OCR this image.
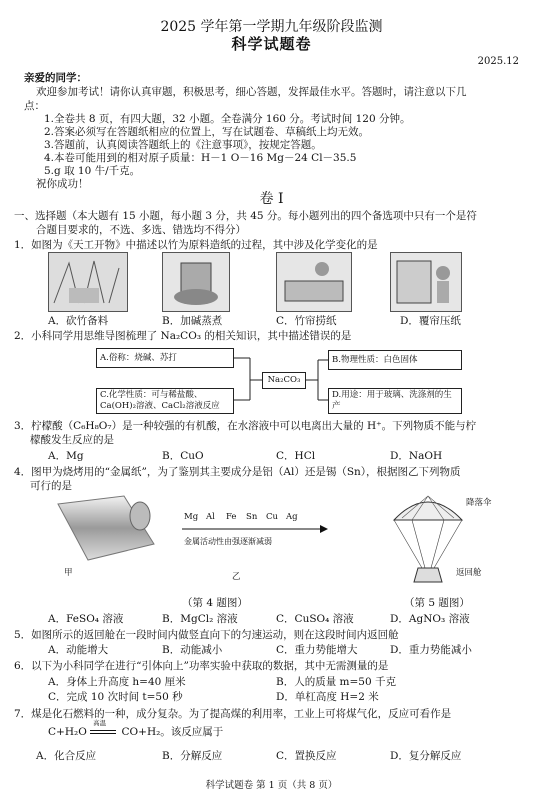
2025 学年第一学期九年级阶段监测
科学试题卷
2025.12
亲爱的同学：
欢迎参加考试！请你认真审题，积极思考，细心答题，发挥最佳水平。答题时，请注意以下几
点：
1.全卷共 8 页，有四大题，32 小题。全卷满分 160 分。考试时间 120 分钟。
2.答案必须写在答题纸相应的位置上，写在试题卷、草稿纸上均无效。
3.答题前，认真阅读答题纸上的《注意事项》，按规定答题。
4.本卷可能用到的相对原子质量：H－1 O－16 Mg－24 Cl－35.5
5.g 取 10 牛/千克。
祝你成功！
卷 Ⅰ
一、选择题（本大题有 15 小题，每小题 3 分，共 45 分。每小题列出的四个备选项中只有一个是符
合题目要求的，不选、多选、错选均不得分）
1．如图为《天工开物》中描述以竹为原料造纸的过程，其中涉及化学变化的是
A．砍竹备料	B．加碱蒸煮	C．竹帘捞纸	D．覆帘压纸
2．小科同学用思维导图梳理了 Na₂CO₃ 的相关知识，其中描述错误的是
A.俗称：烧碱、苏打
Na₂CO₃
B.物理性质：白色固体
C.化学性质：可与稀盐酸、
Ca(OH)₂溶液、CaCl₂溶液反应
D.用途：用于玻璃、洗涤剂的生
产
3．柠檬酸（C₆H₈O₇）是一种较强的有机酸，在水溶液中可以电离出大量的 H⁺。下列物质不能与柠
檬酸发生反应的是
A．Mg	B．CuO	C．HCl	D．NaOH
4．图甲为烧烤用的“金属纸”，为了鉴别其主要成分是铝（Al）还是锡（Sn），根据图乙下列物质
可行的是
甲
Mg Al Fe Sn Cu Ag
金属活动性由强逐渐减弱
乙
降落伞
返回舱
（第 4 题图）	（第 5 题图）
A．FeSO₄ 溶液	B．MgCl₂ 溶液	C．CuSO₄ 溶液	D．AgNO₃ 溶液
5．如图所示的返回舱在一段时间内做竖直向下的匀速运动，则在这段时间内返回舱
A．动能增大	B．动能减小	C．重力势能增大	D．重力势能减小
6．以下为小科同学在进行“引体向上”功率实验中获取的数据，其中无需测量的是
A．身体上升高度 h=40 厘米	B．人的质量 m=50 千克
C．完成 10 次时间 t=50 秒	D．单杠高度 H=2 米
7．煤是化石燃料的一种，成分复杂。为了提高煤的利用率，工业上可将煤气化，反应可看作是
C+H₂O
高温
CO+H₂。该反应属于
A．化合反应	B．分解反应	C．置换反应	D．复分解反应
科学试题卷 第 1 页（共 8 页）
